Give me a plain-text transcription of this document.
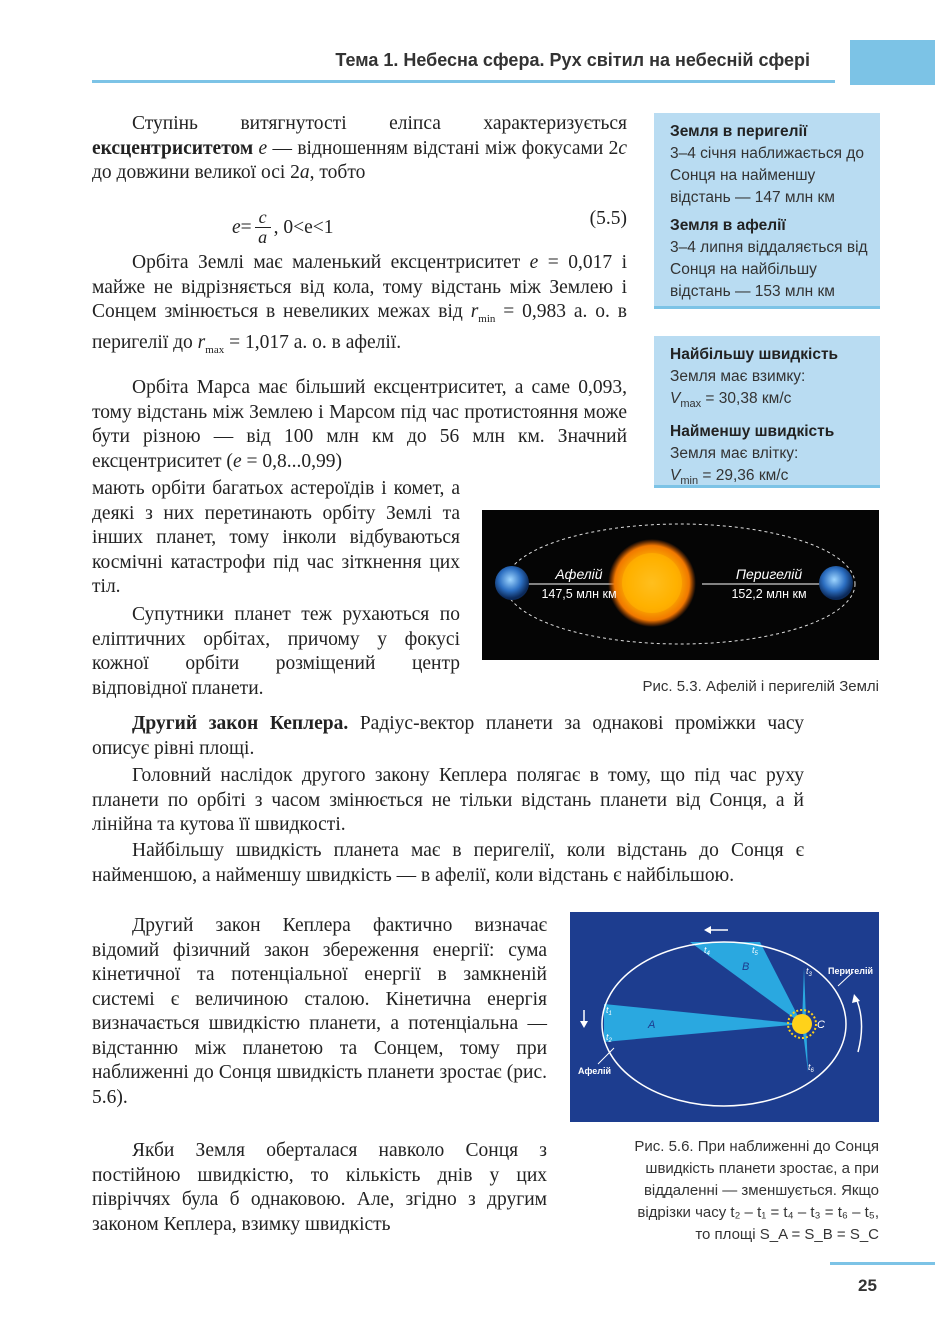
Тема 1. Небесна сфера. Рух світил на небесній сфері

Ступінь витягнутості еліпса характеризується ексцентриситетом e — відношенням відстані між фокусами 2c до довжини великої осі 2a, тобто

$e = \frac{c}{a}$ , 0<e<1	(5.5)

Орбіта Землі має маленький ексцентриситет e = 0,017 і майже не відрізняється від кола, тому відстань між Землею і Сонцем змінюється в невеликих межах від $r_{min} = 0,983$ а. о. в перигелії до $r_{max} = 1,017$ а. о. в афелії.

Орбіта Марса має більший ексцентриситет, а саме 0,093, тому відстань між Землею і Марсом під час протистояння може бути різною — від 100 млн км до 56 млн км. Значний ексцентриситет (e = 0,8...0,99)

мають орбіти багатьох астероїдів і комет, а деякі з них перетинають орбіту Землі та інших планет, тому інколи відбуваються космічні катастрофи під час зіткнення цих тіл.

Супутники планет теж рухаються по еліптичних орбітах, причому у фокусі кожної орбіти розміщений центр відповідної планети.

Другий закон Кеплера. Радіус-вектор планети за однакові проміжки часу описує рівні площі.

Головний наслідок другого закону Кеплера полягає в тому, що під час руху планети по орбіті з часом змінюється не тільки відстань планети від Сонця, а й лінійна та кутова її швидкості.

Найбільшу швидкість планета має в перигелії, коли відстань до Сонця є найменшою, а найменшу швидкість — в афелії, коли відстань є найбільшою.

Другий закон Кеплера фактично визначає відомий фізичний закон збереження енергії: сума кінетичної та потенціальної енергії в замкненій системі є величиною сталою. Кінетична енергія визначається швидкістю планети, а потенціальна — відстанню між планетою та Сонцем, тому при наближенні до Сонця швидкість планети зростає (рис. 5.6).

Якби Земля оберталася навколо Сонця з постійною швидкістю, то кількість днів у цих півріччях була б однаковою. Але, згідно з другим законом Кеплера, взимку швидкість

Земля в перигелії
3–4 січня наближається до Сонця на найменшу відстань — 147 млн км
Земля в афелії
3–4 липня віддаляється від Сонця на найбільшу відстань — 153 млн км
Найбільшу швидкість
Земля має взимку:
$V_{max} = 30,38$ км/с
Найменшу швидкість
Земля має влітку:
$V_{min} = 29,36$ км/с
Афелій
147,5 млн км
Перигелій
152,2 млн км
Рис. 5.3. Афелій і перигелій Землі
Перигелій
Афелій
A
B
C
$t_1$
$t_2$
$t_3$
$t_4$	$t_5$
$t_6$
Рис. 5.6. При наближенні до Сонця
швидкість планети зростає, а при
віддаленні — зменшується. Якщо
відрізки часу t₂ – t₁ = t₄ – t₃ = t₆ – t₅,
то площі S_A = S_B = S_C
25
